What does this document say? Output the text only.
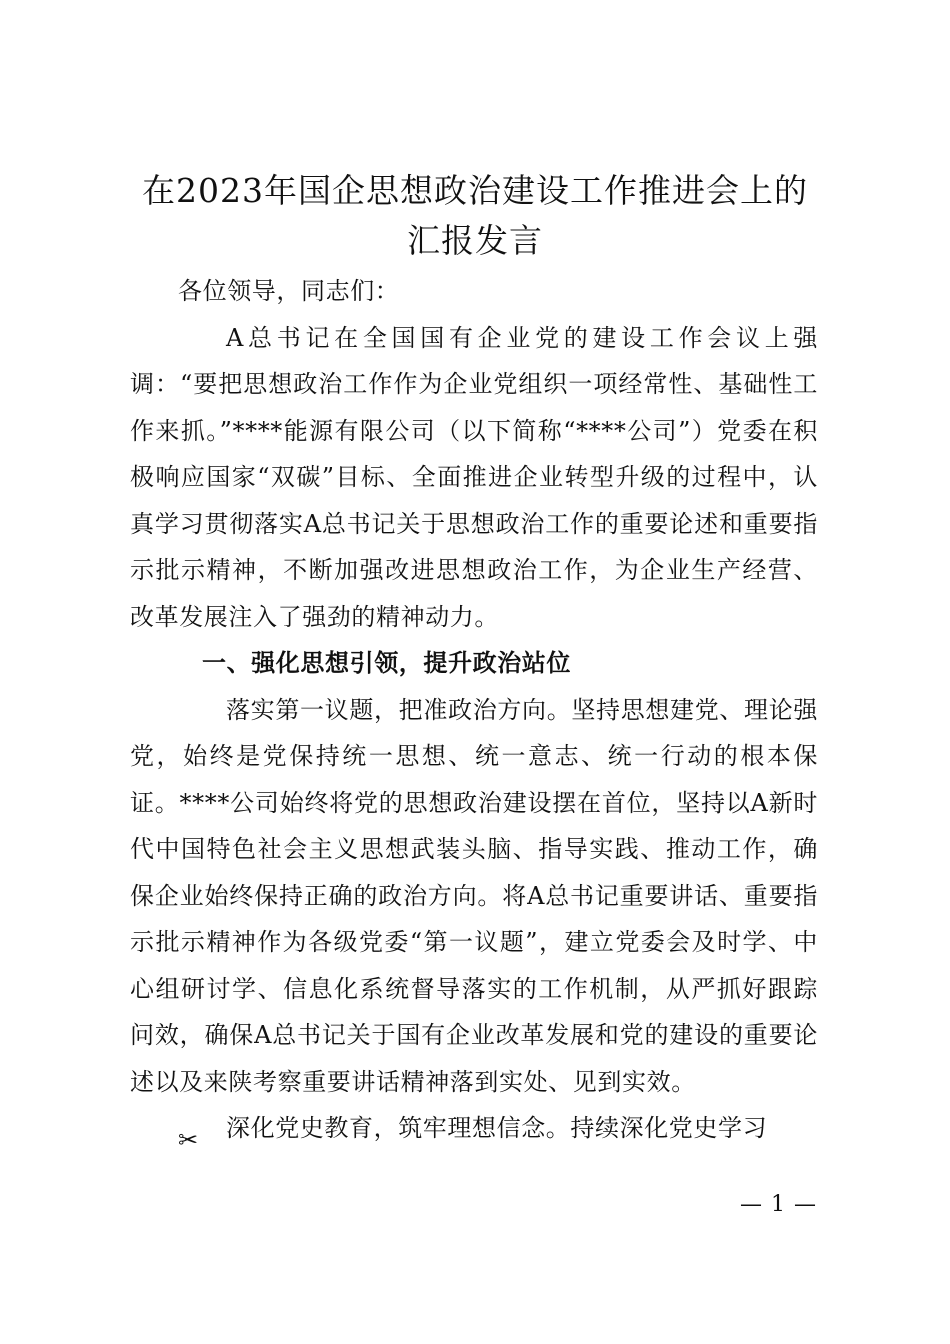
在2023年国企思想政治建设工作推进会上的
汇报发言

各位领导，同志们：

A总书记在全国国有企业党的建设工作会议上强调：“要把思想政治工作作为企业党组织一项经常性、基础性工作来抓。”****能源有限公司（以下简称“****公司”）党委在积极响应国家“双碳”目标、全面推进企业转型升级的过程中，认真学习贯彻落实A总书记关于思想政治工作的重要论述和重要指示批示精神，不断加强改进思想政治工作，为企业生产经营、改革发展注入了强劲的精神动力。

一、强化思想引领，提升政治站位

落实第一议题，把准政治方向。坚持思想建党、理论强党，始终是党保持统一思想、统一意志、统一行动的根本保证。****公司始终将党的思想政治建设摆在首位，坚持以A新时代中国特色社会主义思想武装头脑、指导实践、推动工作，确保企业始终保持正确的政治方向。将A总书记重要讲话、重要指示批示精神作为各级党委“第一议题”，建立党委会及时学、中心组研讨学、信息化系统督导落实的工作机制，从严抓好跟踪问效，确保A总书记关于国有企业改革发展和党的建设的重要论述以及来陕考察重要讲话精神落到实处、见到实效。

深化党史教育，筑牢理想信念。持续深化党史学习

✂
— 1 —
